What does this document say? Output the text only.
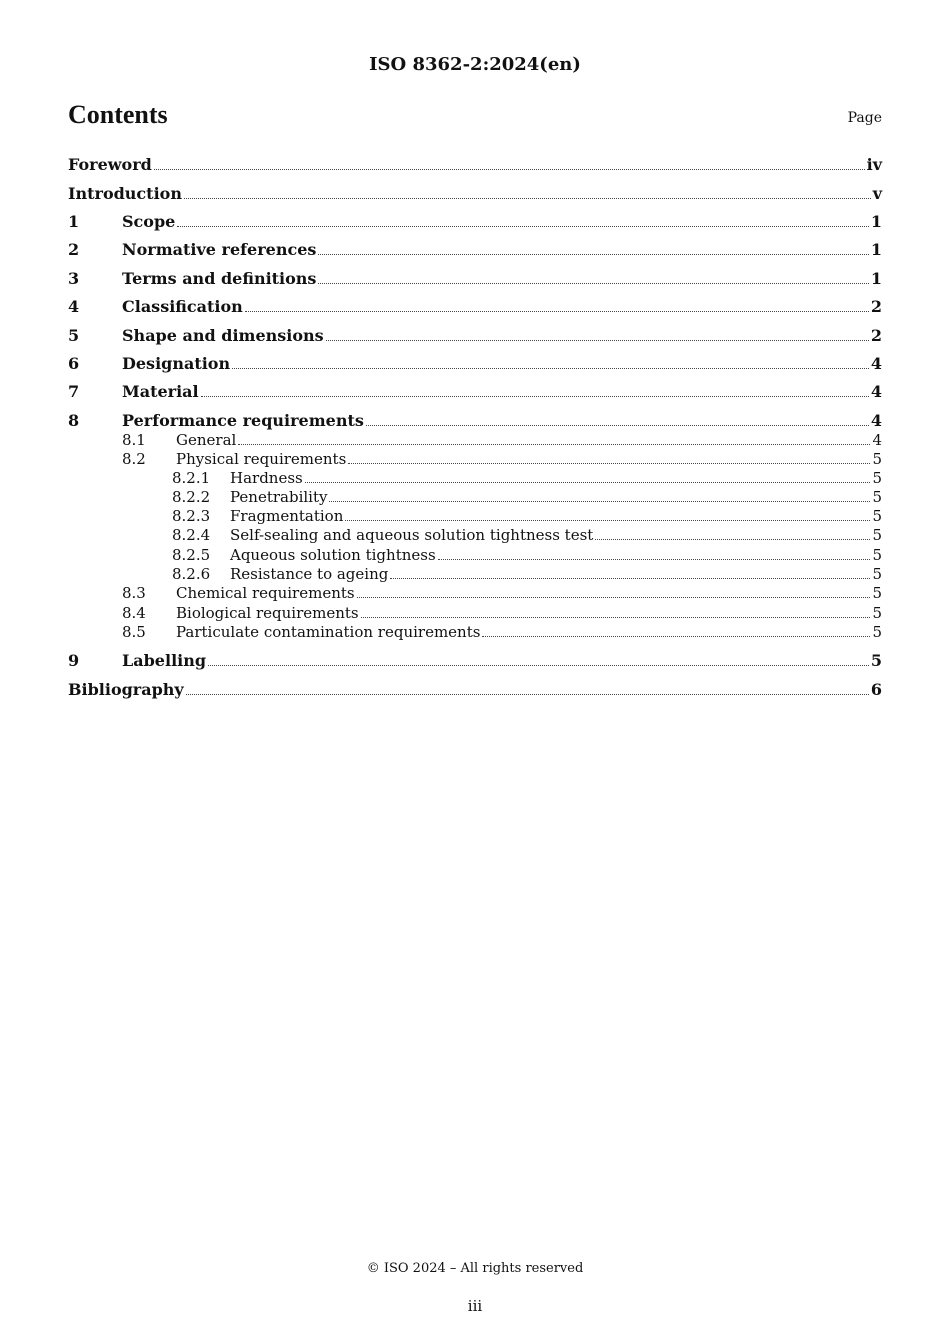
ISO 8362-2:2024(en)
Contents	Page
Foreword	iv
Introduction	v
1	Scope	1
2	Normative references	1
3	Terms and definitions	1
4	Classification	2
5	Shape and dimensions	2
6	Designation	4
7	Material	4
8	Performance requirements	4
8.1	General	4
8.2	Physical requirements	5
8.2.1	Hardness	5
8.2.2	Penetrability	5
8.2.3	Fragmentation	5
8.2.4	Self-sealing and aqueous solution tightness test	5
8.2.5	Aqueous solution tightness	5
8.2.6	Resistance to ageing	5
8.3	Chemical requirements	5
8.4	Biological requirements	5
8.5	Particulate contamination requirements	5
9	Labelling	5
Bibliography	6
© ISO 2024 – All rights reserved
iii
